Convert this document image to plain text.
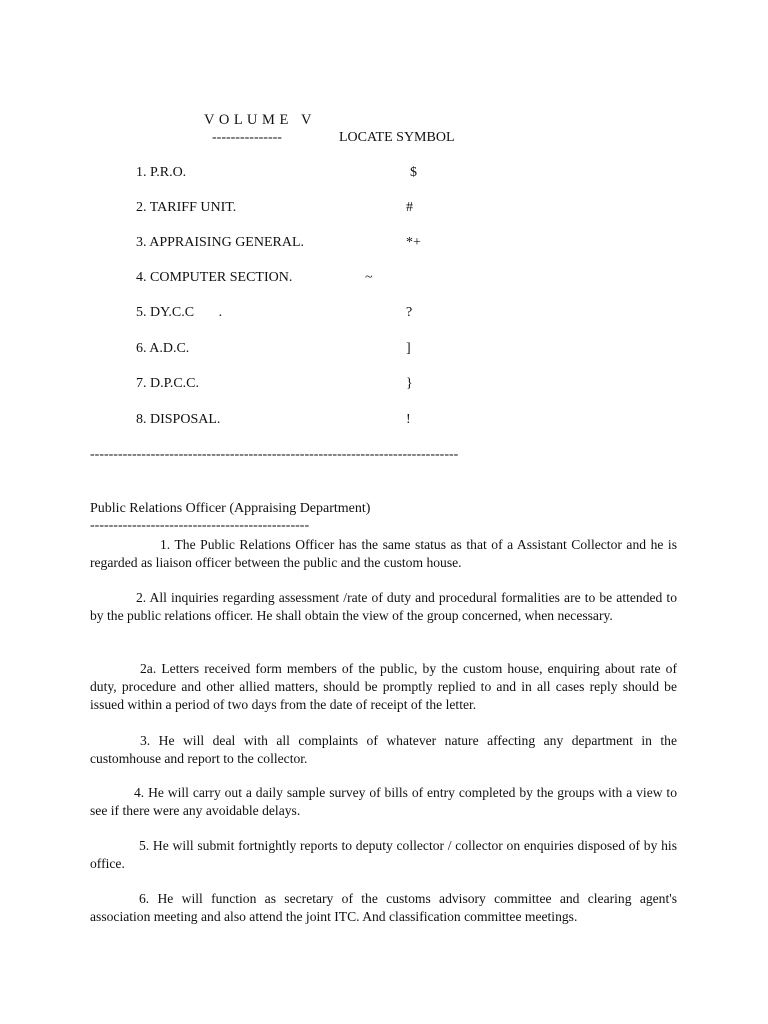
V O L U M E   V
---------------	LOCATE SYMBOL
1. P.R.O.	$
2. TARIFF UNIT.	#
3. APPRAISING GENERAL.	*+
4. COMPUTER SECTION.	~
5. DY.C.C       .	?
6. A.D.C.	]
7. D.P.C.C.	}
8. DISPOSAL.	!
-------------------------------------------------------------------------------
Public Relations Officer (Appraising Department)
-----------------------------------------------
1. The Public Relations Officer has the same status as that of a Assistant Collector and he is regarded as liaison officer between the public and the custom house.
2. All inquiries regarding assessment /rate of duty and procedural formalities are to be attended to by the public relations officer. He shall obtain the view of the group concerned, when necessary.
2a. Letters received form members of the public, by the custom house, enquiring about rate of duty, procedure and other allied matters, should be promptly replied to and in all cases reply should be issued within a period of two days from the date of receipt of the letter.
3. He will deal with all complaints of whatever nature affecting any department in the customhouse and report to the collector.
4. He will carry out a daily sample survey of bills of entry completed by the groups with a view to see if there were any avoidable delays.
5. He will submit fortnightly reports to deputy collector / collector on enquiries disposed of by his office.
6. He will function as secretary of the customs advisory committee and clearing agent's association meeting and also attend the joint ITC. And classification committee meetings.
